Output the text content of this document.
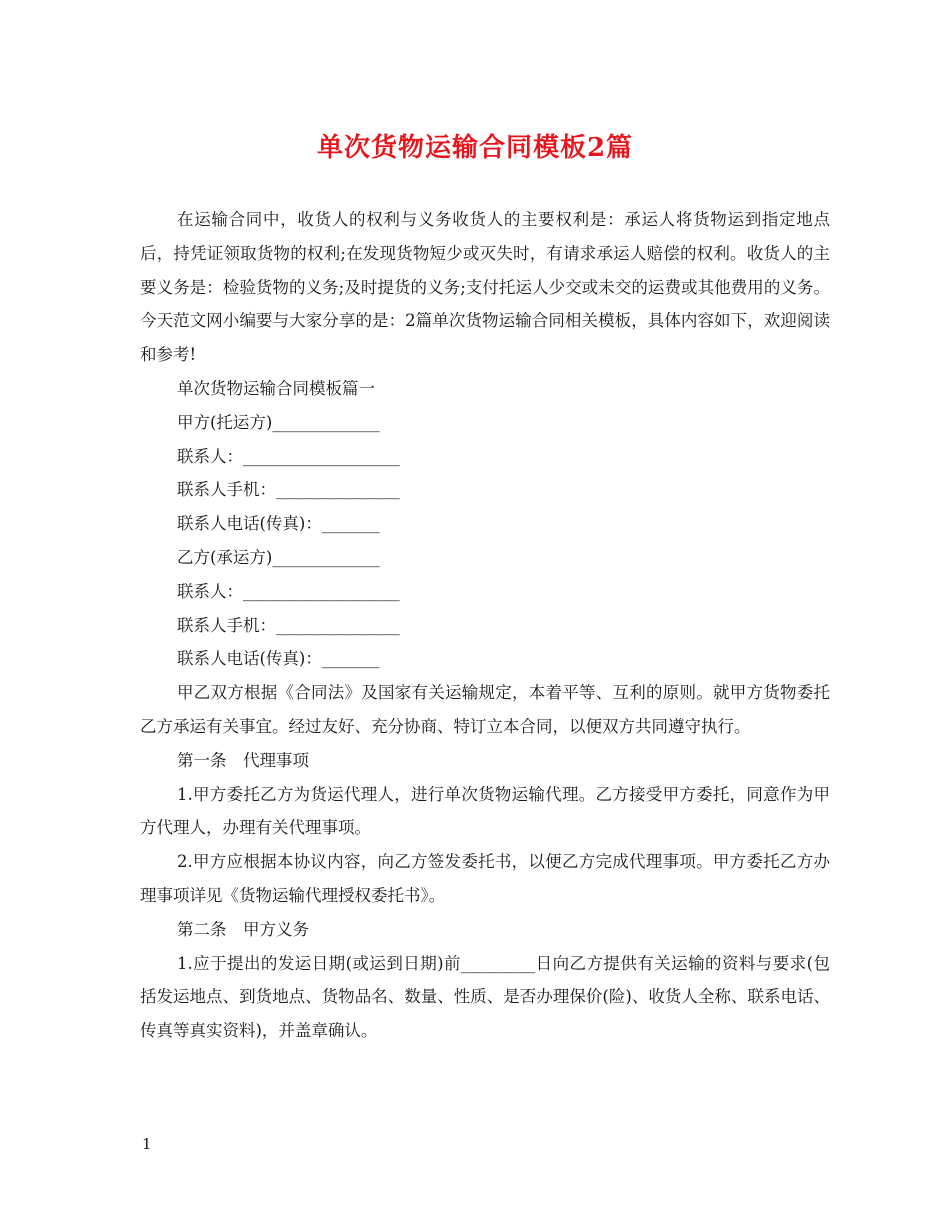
单次货物运输合同模板2篇

在运输合同中，收货人的权利与义务收货人的主要权利是：承运人将货物运到指定地点后，持凭证领取货物的权利;在发现货物短少或灭失时，有请求承运人赔偿的权利。收货人的主要义务是：检验货物的义务;及时提货的义务;支付托运人少交或未交的运费或其他费用的义务。今天范文网小编要与大家分享的是：2篇单次货物运输合同相关模板，具体内容如下，欢迎阅读和参考!

单次货物运输合同模板篇一

甲方(托运方)_____________

联系人：___________________

联系人手机：_______________

联系人电话(传真)：_______

乙方(承运方)_____________

联系人：___________________

联系人手机：_______________

联系人电话(传真)：_______

甲乙双方根据《合同法》及国家有关运输规定，本着平等、互利的原则。就甲方货物委托乙方承运有关事宜。经过友好、充分协商、特订立本合同，以便双方共同遵守执行。

第一条　代理事项

1.甲方委托乙方为货运代理人，进行单次货物运输代理。乙方接受甲方委托，同意作为甲方代理人，办理有关代理事项。

2.甲方应根据本协议内容，向乙方签发委托书，以便乙方完成代理事项。甲方委托乙方办理事项详见《货物运输代理授权委托书》。

第二条　甲方义务

1.应于提出的发运日期(或运到日期)前_________日向乙方提供有关运输的资料与要求(包括发运地点、到货地点、货物品名、数量、性质、是否办理保价(险)、收货人全称、联系电话、传真等真实资料)，并盖章确认。

1
